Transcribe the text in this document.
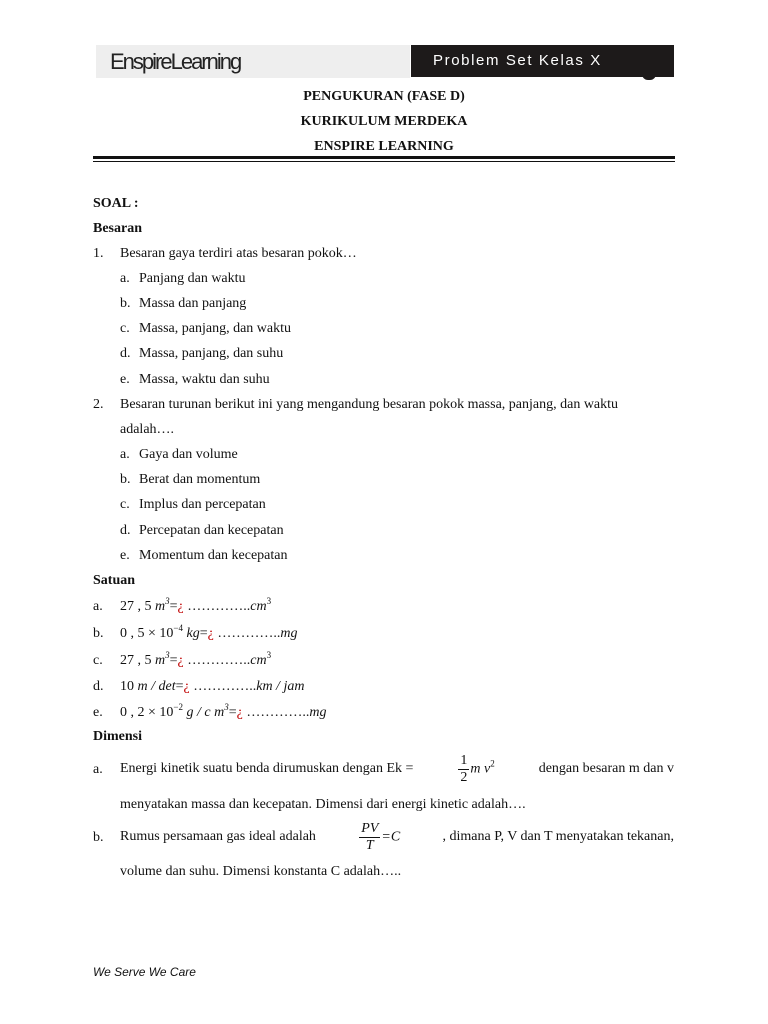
EnspireLearning	Problem Set Kelas X
PENGUKURAN (FASE D)
KURIKULUM MERDEKA
ENSPIRE LEARNING
SOAL :
Besaran
1. Besaran gaya terdiri atas besaran pokok…
a. Panjang dan waktu
b. Massa dan panjang
c. Massa, panjang, dan waktu
d. Massa, panjang, dan suhu
e. Massa, waktu dan suhu
2. Besaran turunan berikut ini yang mengandung besaran pokok massa, panjang, dan waktu
adalah….
a. Gaya dan volume
b. Berat dan momentum
c. Implus dan percepatan
d. Percepatan dan kecepatan
e. Momentum dan kecepatan
Satuan
a. 27 , 5 $m^3=¿$ $\dots\dots\dots\dots..cm^3$
b. 0 , $5 \times 10^{-4}$ kg=¿ …………..mg
c. 27 , 5 $m^3=¿$ $\dots\dots\dots\dots..cm^3$
d. 10 m / det=¿ …………..km / jam
e. 0 , $2 \times 10^{-2}$ g / c $m^3=¿$ …………..mg
Dimensi
a. Energi kinetik suatu benda dirumuskan dengan Ek =	$\frac{1}{2}$ m $v^2$	dengan besaran m dan v
menyatakan massa dan kecepatan. Dimensi dari energi kinetic adalah….
b. Rumus persamaan gas ideal adalah	$\frac{PV}{T} =C$	, dimana P, V dan T menyatakan tekanan,
volume dan suhu. Dimensi konstanta C adalah…..
We Serve We Care
